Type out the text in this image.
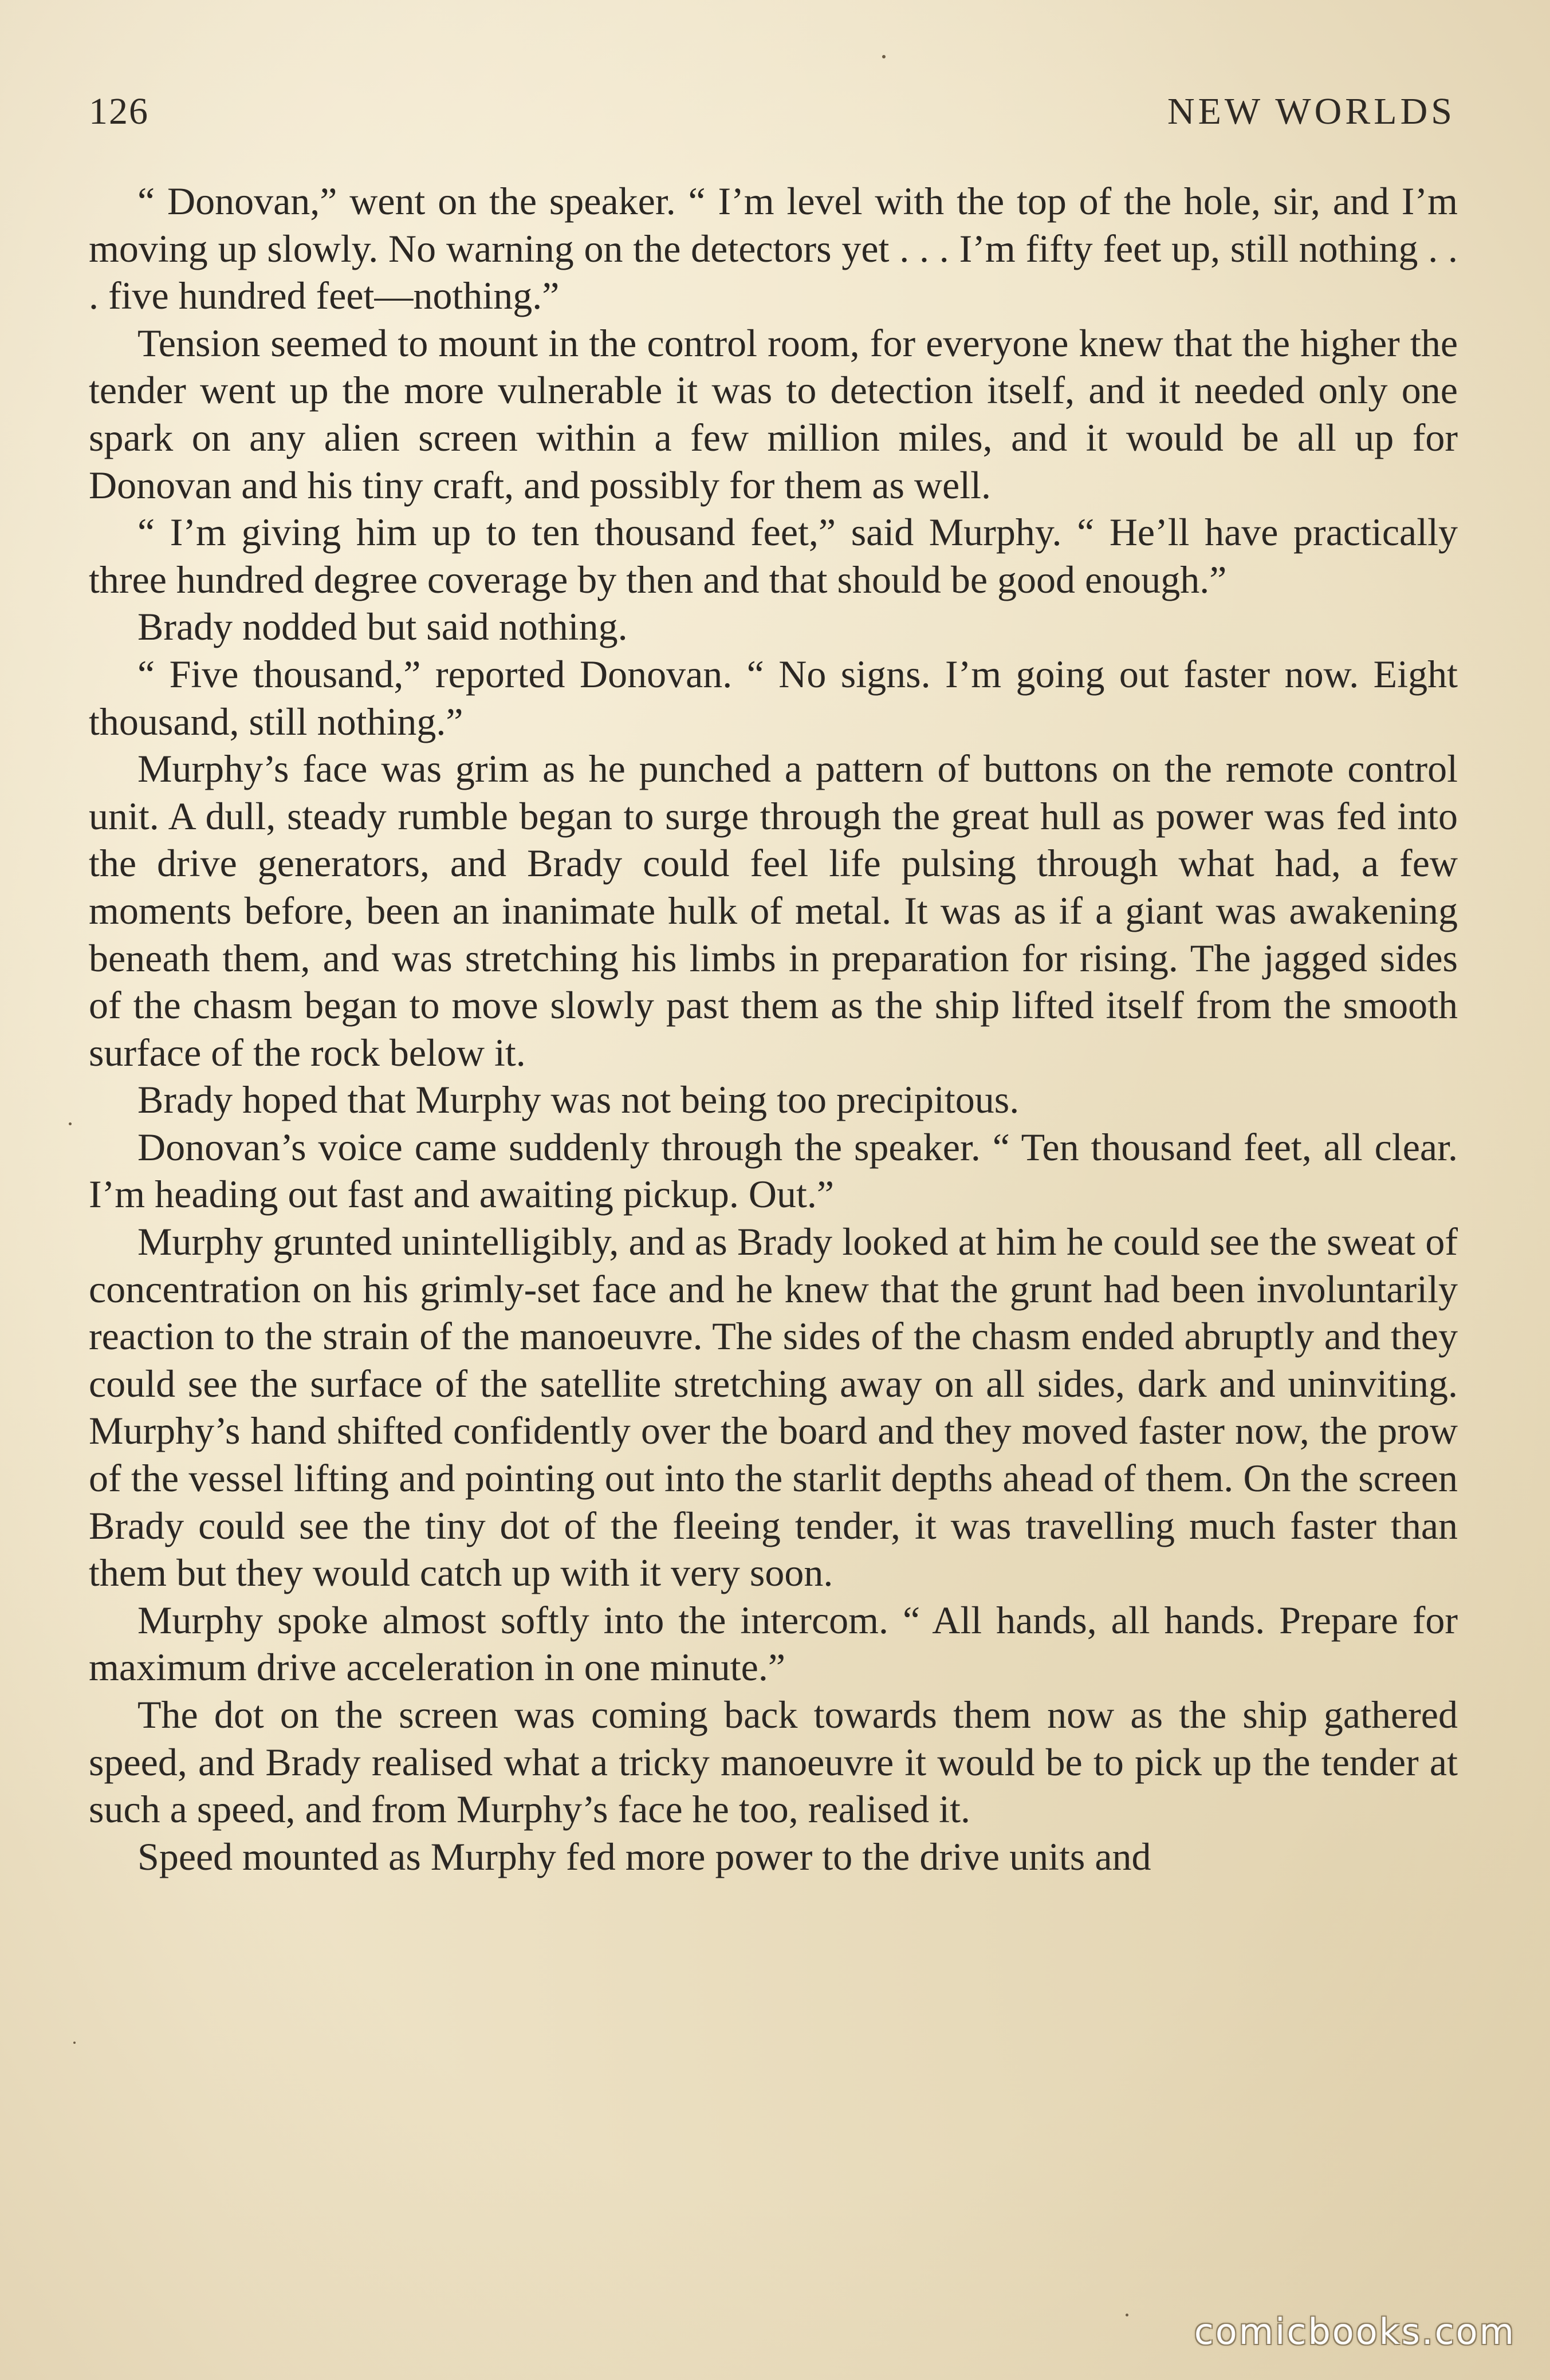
126	NEW WORLDS

“ Donovan,” went on the speaker. “ I’m level with the top of the hole, sir, and I’m moving up slowly. No warning on the detectors yet . . . I’m fifty feet up, still nothing . . . five hundred feet—nothing.”

Tension seemed to mount in the control room, for everyone knew that the higher the tender went up the more vulnerable it was to detection itself, and it needed only one spark on any alien screen within a few million miles, and it would be all up for Donovan and his tiny craft, and possibly for them as well.

“ I’m giving him up to ten thousand feet,” said Murphy. “ He’ll have practically three hundred degree coverage by then and that should be good enough.”

Brady nodded but said nothing.

“ Five thousand,” reported Donovan. “ No signs. I’m going out faster now. Eight thousand, still nothing.”

Murphy’s face was grim as he punched a pattern of buttons on the remote control unit. A dull, steady rumble began to surge through the great hull as power was fed into the drive generators, and Brady could feel life pulsing through what had, a few moments before, been an inanimate hulk of metal. It was as if a giant was awakening beneath them, and was stretching his limbs in preparation for rising. The jagged sides of the chasm began to move slowly past them as the ship lifted itself from the smooth surface of the rock below it.

Brady hoped that Murphy was not being too precipitous.

Donovan’s voice came suddenly through the speaker. “ Ten thousand feet, all clear. I’m heading out fast and awaiting pickup. Out.”

Murphy grunted unintelligibly, and as Brady looked at him he could see the sweat of concentration on his grimly-set face and he knew that the grunt had been involuntarily reaction to the strain of the manoeuvre. The sides of the chasm ended abruptly and they could see the surface of the satellite stretching away on all sides, dark and uninviting. Murphy’s hand shifted confidently over the board and they moved faster now, the prow of the vessel lifting and pointing out into the starlit depths ahead of them. On the screen Brady could see the tiny dot of the fleeing tender, it was travelling much faster than them but they would catch up with it very soon.

Murphy spoke almost softly into the intercom. “ All hands, all hands. Prepare for maximum drive acceleration in one minute.”

The dot on the screen was coming back towards them now as the ship gathered speed, and Brady realised what a tricky manoeuvre it would be to pick up the tender at such a speed, and from Murphy’s face he too, realised it.

Speed mounted as Murphy fed more power to the drive units and

comicbooks.com
